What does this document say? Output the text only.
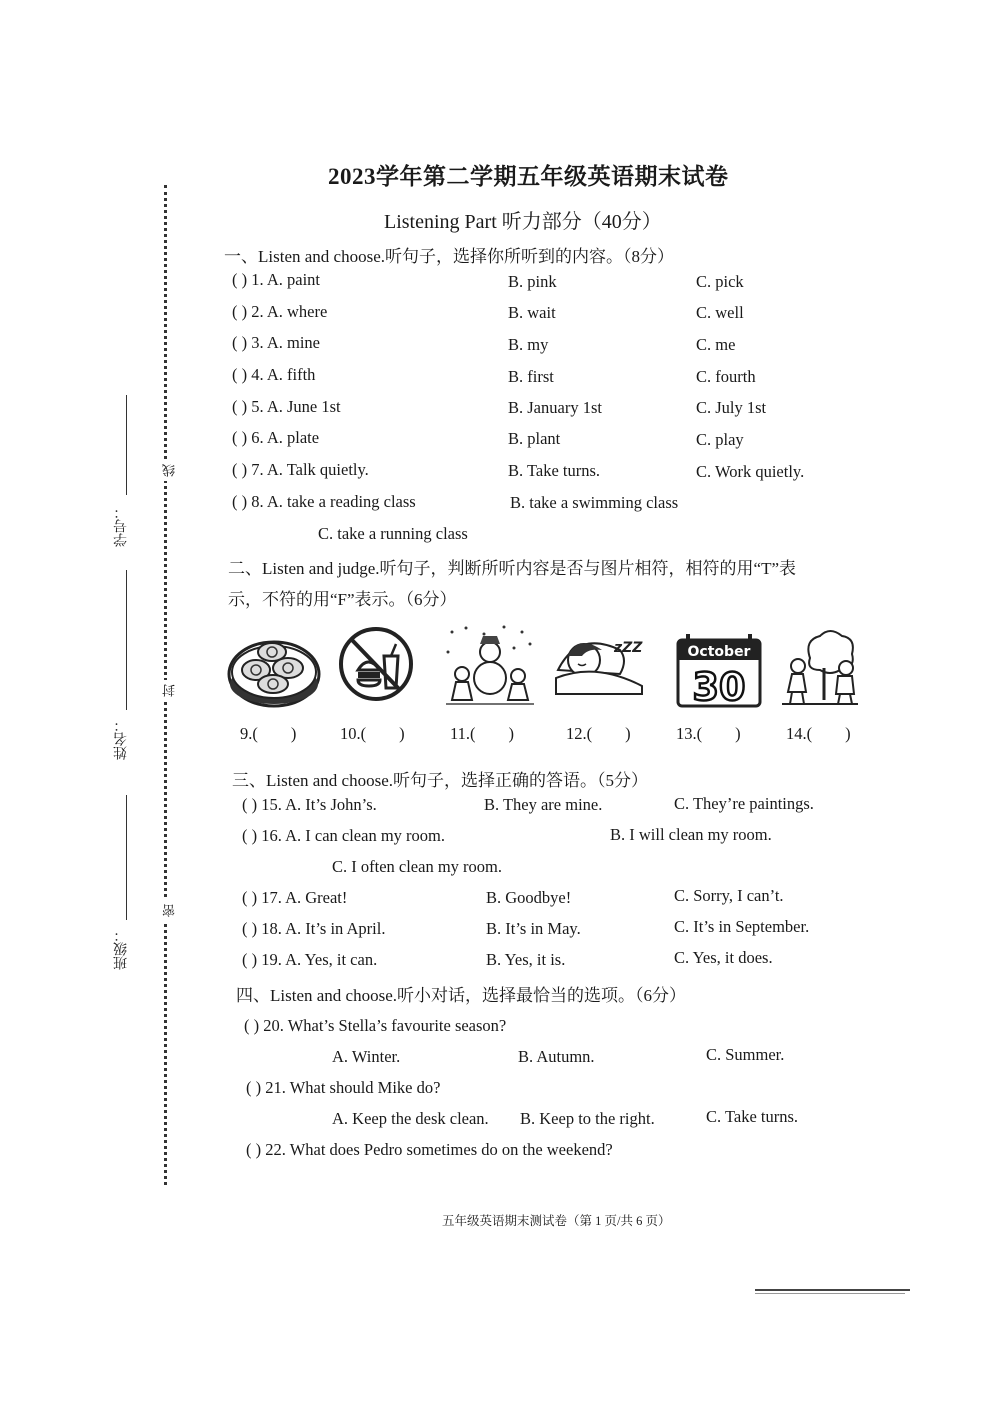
2023学年第二学期五年级英语期末试卷
Listening Part 听力部分（40分）
线
封
密
学号：
姓名：
班级：
一、Listen and choose.听句子，选择你所听到的内容。（8分）
( ) 1. A. paint	B. pink	C. pick
( ) 2. A. where	B. wait	C. well
( ) 3. A. mine	B. my	C. me
( ) 4. A. fifth	B. first	C. fourth
( ) 5. A. June 1st	B. January 1st	C. July 1st
( ) 6. A. plate	B. plant	C. play
( ) 7. A. Talk quietly.	B. Take turns.	C. Work quietly.
( ) 8. A. take a reading class	B. take a swimming class
C. take a running class
二、Listen and judge.听句子，判断所听内容是否与图片相符，相符的用“T”表
示，不符的用“F”表示。（6分）
zZZ	October
30
9.(        )	10.(        )	11.(        )	12.(        )	13.(        )	14.(        )
三、Listen and choose.听句子，选择正确的答语。（5分）
( ) 15. A. It’s John’s.	B. They are mine.	C. They’re paintings.
( ) 16. A. I can clean my room.	B. I will clean my room.
C. I often clean my room.
( ) 17. A. Great!	B. Goodbye!	C. Sorry, I can’t.
( ) 18. A. It’s in April.	B. It’s in May.	C. It’s in September.
( ) 19. A. Yes, it can.	B. Yes, it is.	C. Yes, it does.
四、Listen and choose.听小对话，选择最恰当的选项。（6分）
( ) 20. What’s Stella’s favourite season?
A. Winter.	B. Autumn.	C. Summer.
( ) 21. What should Mike do?
A. Keep the desk clean. B. Keep to the right.	C. Take turns.
( ) 22. What does Pedro sometimes do on the weekend?
五年级英语期末测试卷（第 1 页/共 6 页）
